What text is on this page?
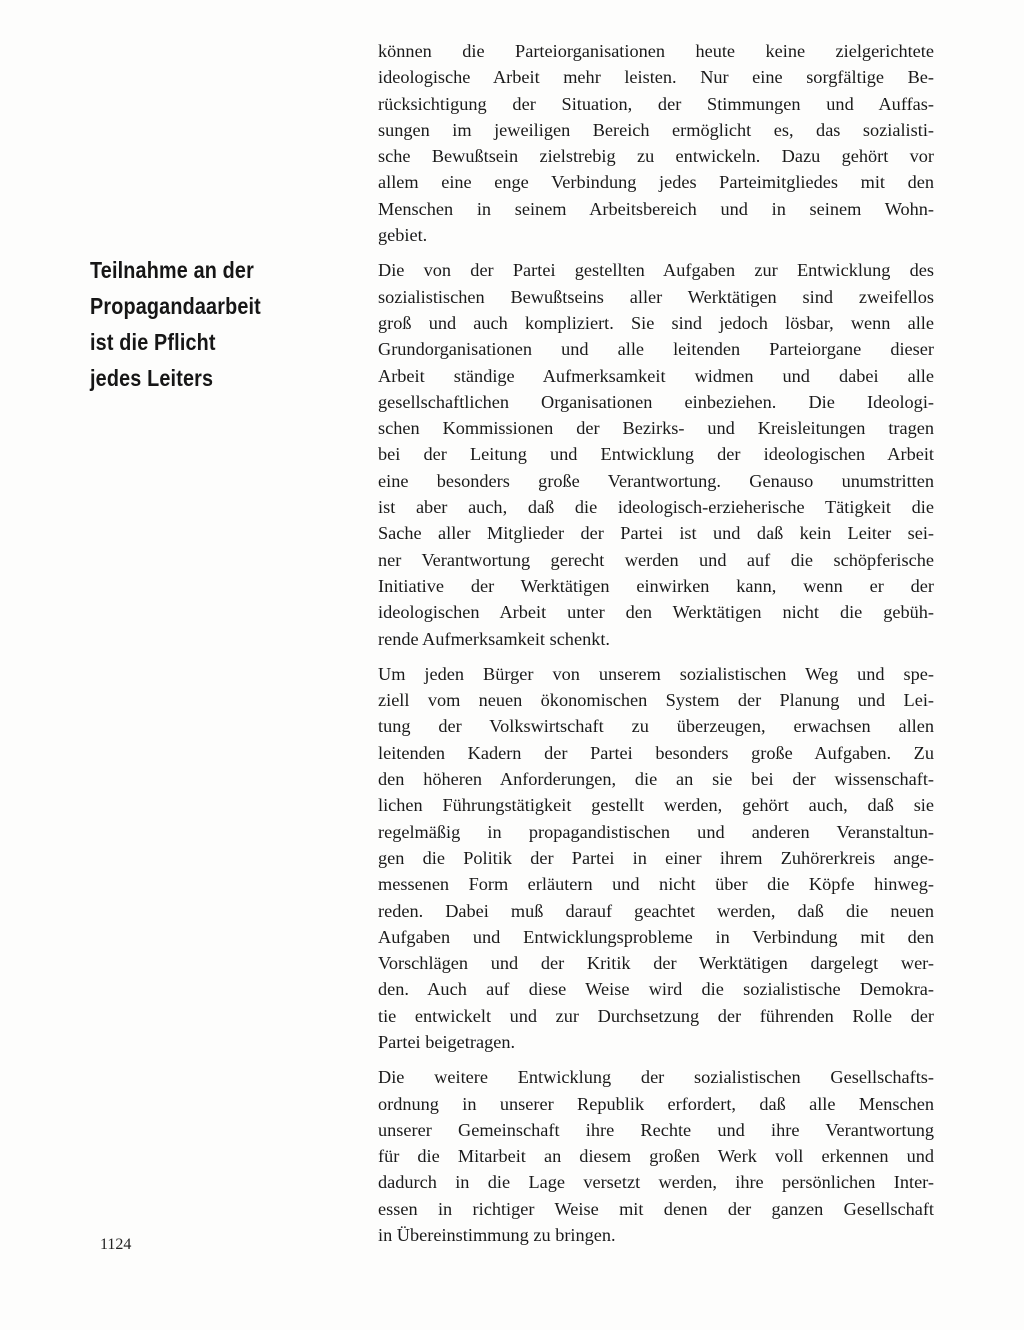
Teilnahme an der
Propagandaarbeit
ist die Pflicht
jedes Leiters
können die Parteiorganisationen heute keine zielgerichtete
ideologische Arbeit mehr leisten. Nur eine sorgfältige Be-
rücksichtigung der Situation, der Stimmungen und Auffas-
sungen im jeweiligen Bereich ermöglicht es, das sozialisti-
sche Bewußtsein zielstrebig zu entwickeln. Dazu gehört vor
allem eine enge Verbindung jedes Parteimitgliedes mit den
Menschen in seinem Arbeitsbereich und in seinem Wohn-
gebiet.
Die von der Partei gestellten Aufgaben zur Entwicklung des
sozialistischen Bewußtseins aller Werktätigen sind zweifellos
groß und auch kompliziert. Sie sind jedoch lösbar, wenn alle
Grundorganisationen und alle leitenden Parteiorgane dieser
Arbeit ständige Aufmerksamkeit widmen und dabei alle
gesellschaftlichen Organisationen einbeziehen. Die Ideologi-
schen Kommissionen der Bezirks- und Kreisleitungen tragen
bei der Leitung und Entwicklung der ideologischen Arbeit
eine besonders große Verantwortung. Genauso unumstritten
ist aber auch, daß die ideologisch-erzieherische Tätigkeit die
Sache aller Mitglieder der Partei ist und daß kein Leiter sei-
ner Verantwortung gerecht werden und auf die schöpferische
Initiative der Werktätigen einwirken kann, wenn er der
ideologischen Arbeit unter den Werktätigen nicht die gebüh-
rende Aufmerksamkeit schenkt.
Um jeden Bürger von unserem sozialistischen Weg und spe-
ziell vom neuen ökonomischen System der Planung und Lei-
tung der Volkswirtschaft zu überzeugen, erwachsen allen
leitenden Kadern der Partei besonders große Aufgaben. Zu
den höheren Anforderungen, die an sie bei der wissenschaft-
lichen Führungstätigkeit gestellt werden, gehört auch, daß sie
regelmäßig in propagandistischen und anderen Veranstaltun-
gen die Politik der Partei in einer ihrem Zuhörerkreis ange-
messenen Form erläutern und nicht über die Köpfe hinweg-
reden. Dabei muß darauf geachtet werden, daß die neuen
Aufgaben und Entwicklungsprobleme in Verbindung mit den
Vorschlägen und der Kritik der Werktätigen dargelegt wer-
den. Auch auf diese Weise wird die sozialistische Demokra-
tie entwickelt und zur Durchsetzung der führenden Rolle der
Partei beigetragen.
Die weitere Entwicklung der sozialistischen Gesellschafts-
ordnung in unserer Republik erfordert, daß alle Menschen
unserer Gemeinschaft ihre Rechte und ihre Verantwortung
für die Mitarbeit an diesem großen Werk voll erkennen und
dadurch in die Lage versetzt werden, ihre persönlichen Inter-
essen in richtiger Weise mit denen der ganzen Gesellschaft
in Übereinstimmung zu bringen.
1124
